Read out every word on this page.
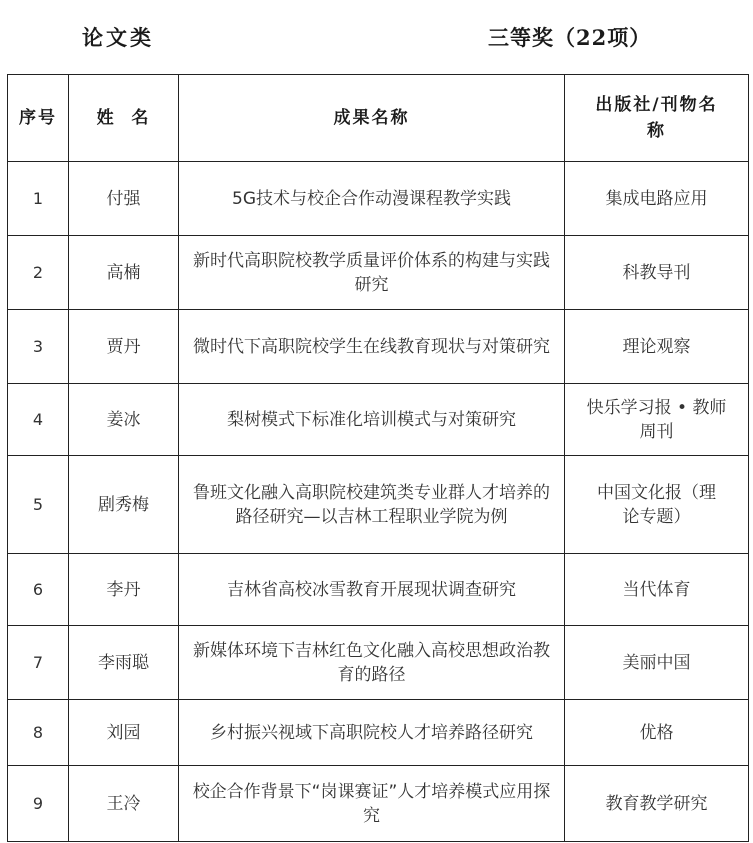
论文类	三等奖（22项）
序号	姓  名	成果名称	出版社/刊物名称
1	付强	5G技术与校企合作动漫课程教学实践	集成电路应用
2	高楠	新时代高职院校教学质量评价体系的构建与实践研究	科教导刊
3	贾丹	微时代下高职院校学生在线教育现状与对策研究	理论观察
4	姜冰	梨树模式下标准化培训模式与对策研究	快乐学习报 • 教师周刊
5	剧秀梅	鲁班文化融入高职院校建筑类专业群人才培养的路径研究—以吉林工程职业学院为例	中国文化报（理论专题）
6	李丹	吉林省高校冰雪教育开展现状调查研究	当代体育
7	李雨聪	新媒体环境下吉林红色文化融入高校思想政治教育的路径	美丽中国
8	刘园	乡村振兴视域下高职院校人才培养路径研究	优格
9	王冷	校企合作背景下“岗课赛证”人才培养模式应用探究	教育教学研究
